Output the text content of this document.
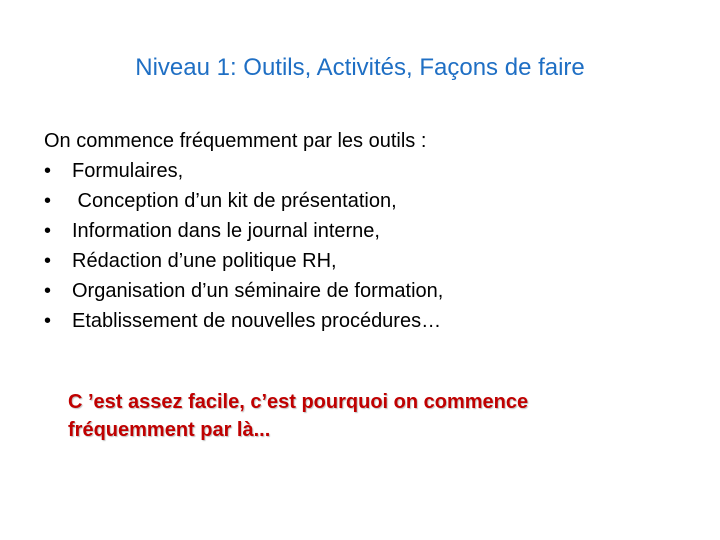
Niveau 1: Outils, Activités, Façons de faire

On commence fréquemment par les outils :

•	Formulaires,
•	Conception d’un kit de présentation,
•	Information dans le journal interne,
•	Rédaction d’une politique RH,
•	Organisation d’un séminaire de formation,
•	Etablissement de nouvelles procédures…

C ’est assez facile, c’est pourquoi on commence
fréquemment par là...
